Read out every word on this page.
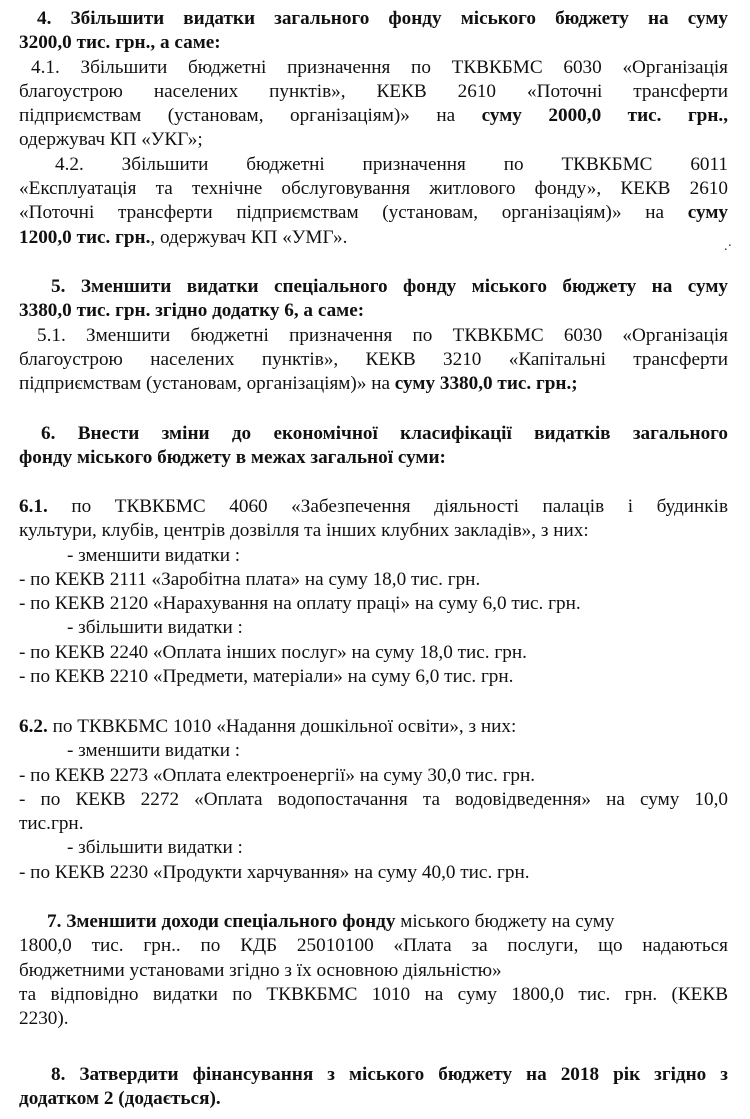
4. Збільшити видатки загального фонду міського бюджету на суму
3200,0 тис. грн., а саме:
4.1. Збільшити бюджетні призначення по ТКВКБМС 6030 «Організація
благоустрою населених пунктів», КЕКВ 2610 «Поточні трансферти
підприємствам (установам, організаціям)» на суму 2000,0 тис. грн.,
одержувач КП «УКГ»;
4.2. Збільшити бюджетні призначення по ТКВКБМС 6011
«Експлуатація та технічне обслуговування житлового фонду», КЕКВ 2610
«Поточні трансферти підприємствам (установам, організаціям)» на суму
1200,0 тис. грн., одержувач КП «УМГ».	.·
5. Зменшити видатки спеціального фонду міського бюджету на суму
3380,0 тис. грн. згідно додатку 6, а саме:
5.1. Зменшити бюджетні призначення по ТКВКБМС 6030 «Організація
благоустрою населених пунктів», КЕКВ 3210 «Капітальні трансферти
підприємствам (установам, організаціям)» на суму 3380,0 тис. грн.;
6. Внести зміни до економічної класифікації видатків загального
фонду міського бюджету в межах загальної суми:
6.1. по ТКВКБМС 4060 «Забезпечення діяльності палаців і будинків
культури, клубів, центрів дозвілля та інших клубних закладів», з них:
- зменшити видатки :
- по КЕКВ 2111 «Заробітна плата» на суму 18,0 тис. грн.
- по КЕКВ 2120 «Нарахування на оплату праці» на суму 6,0 тис. грн.
- збільшити видатки :
- по КЕКВ 2240 «Оплата інших послуг» на суму 18,0 тис. грн.
- по КЕКВ 2210 «Предмети, матеріали» на суму 6,0 тис. грн.
6.2. по ТКВКБМС 1010 «Надання дошкільної освіти», з них:
- зменшити видатки :
- по КЕКВ 2273 «Оплата електроенергії» на суму 30,0 тис. грн.
- по КЕКВ 2272 «Оплата водопостачання та водовідведення» на суму 10,0
тис.грн.
- збільшити видатки :
- по КЕКВ 2230 «Продукти харчування» на суму 40,0 тис. грн.
7. Зменшити доходи спеціального фонду міського бюджету на суму
1800,0 тис. грн.. по КДБ 25010100 «Плата за послуги, що надаються
бюджетними установами згідно з їх основною діяльністю»
та відповідно видатки по ТКВКБМС 1010 на суму 1800,0 тис. грн. (КЕКВ
2230).
8. Затвердити фінансування з міського бюджету на 2018 рік згідно з
додатком 2 (додається).
